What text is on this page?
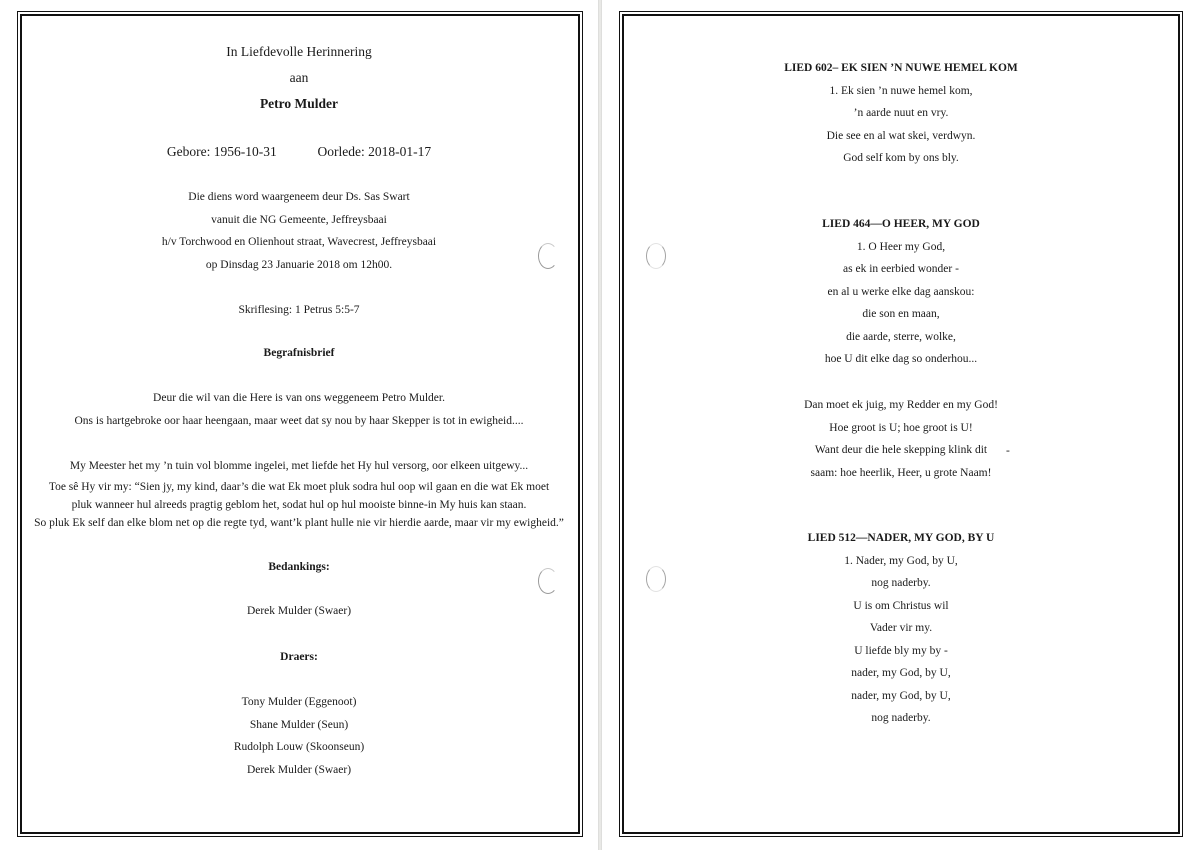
In Liefdevolle Herinnering
aan
Petro Mulder
Gebore: 1956-10-31	Oorlede: 2018-01-17
Die diens word waargeneem deur Ds. Sas Swart
vanuit die NG Gemeente, Jeffreysbaai
h/v Torchwood en Olienhout straat, Wavecrest, Jeffreysbaai
op Dinsdag 23 Januarie 2018 om 12h00.
Skriflesing: 1 Petrus 5:5-7
Begrafnisbrief
Deur die wil van die Here is van ons weggeneem Petro Mulder.
Ons is hartgebroke oor haar heengaan, maar weet dat sy nou by haar Skepper is tot in ewigheid....
My Meester het my ’n tuin vol blomme ingelei, met liefde het Hy hul versorg, oor elkeen uitgewy...
Toe sê Hy vir my: “Sien jy, my kind, daar’s die wat Ek moet pluk sodra hul oop wil gaan en die wat Ek moet
pluk wanneer hul alreeds pragtig geblom het, sodat hul op hul mooiste binne-in My huis kan staan.
So pluk Ek self dan elke blom net op die regte tyd, want’k plant hulle nie vir hierdie aarde, maar vir my ewigheid.”
Bedankings:
Derek Mulder (Swaer)
Draers:
Tony Mulder (Eggenoot)
Shane Mulder (Seun)
Rudolph Louw (Skoonseun)
Derek Mulder (Swaer)
LIED 602– EK SIEN ’N NUWE HEMEL KOM
1. Ek sien ’n nuwe hemel kom,
’n aarde nuut en vry.
Die see en al wat skei, verdwyn.
God self kom by ons bly.
LIED 464—O HEER, MY GOD
1. O Heer my God,
as ek in eerbied wonder -
en al u werke elke dag aanskou:
die son en maan,
die aarde, sterre, wolke,
hoe U dit elke dag so onderhou...
Dan moet ek juig, my Redder en my God!
Hoe groot is U; hoe groot is U!
Want deur die hele skepping klink dit
saam: hoe heerlik, Heer, u grote Naam!
-
LIED 512—NADER, MY GOD, BY U
1. Nader, my God, by U,
nog naderby.
U is om Christus wil
Vader vir my.
U liefde bly my by -
nader, my God, by U,
nader, my God, by U,
nog naderby.
